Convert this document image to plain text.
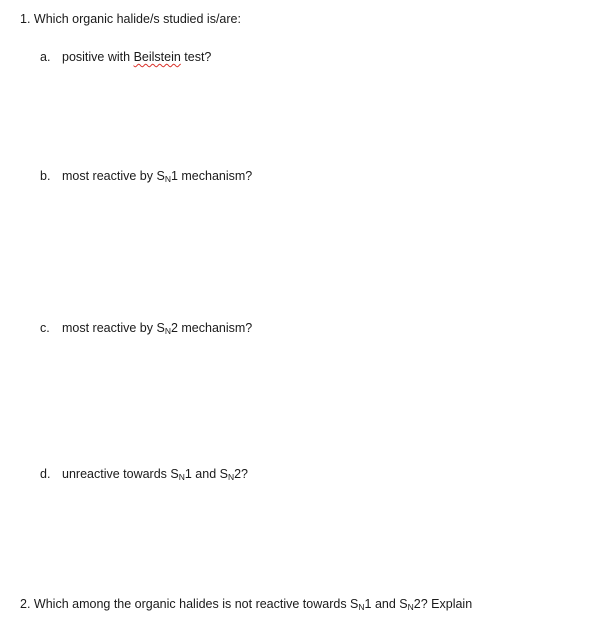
1. Which organic halide/s studied is/are:
a. positive with Beilstein test?
b. most reactive by $S_N1$ mechanism?
c. most reactive by $S_N2$ mechanism?
d. unreactive towards $S_N1$ and $S_N2$?
2. Which among the organic halides is not reactive towards $S_N1$ and $S_N2$? Explain
